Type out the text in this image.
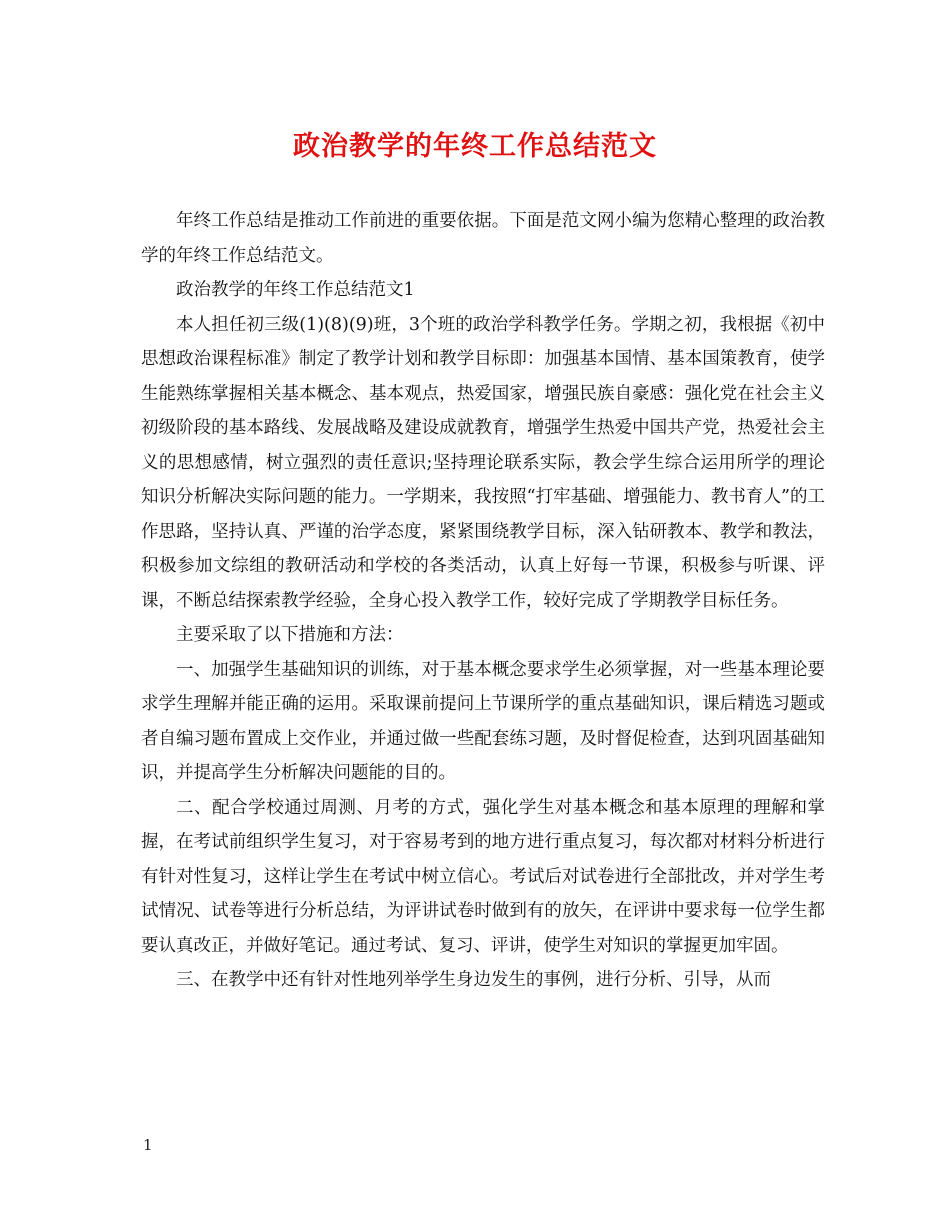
政治教学的年终工作总结范文

年终工作总结是推动工作前进的重要依据。下面是范文网小编为您精心整理的政治教学的年终工作总结范文。

政治教学的年终工作总结范文1

本人担任初三级(1)(8)(9)班，3个班的政治学科教学任务。学期之初，我根据《初中思想政治课程标准》制定了教学计划和教学目标即：加强基本国情、基本国策教育，使学生能熟练掌握相关基本概念、基本观点，热爱国家，增强民族自豪感：强化党在社会主义初级阶段的基本路线、发展战略及建设成就教育，增强学生热爱中国共产党，热爱社会主义的思想感情，树立强烈的责任意识;坚持理论联系实际，教会学生综合运用所学的理论知识分析解决实际问题的能力。一学期来，我按照“打牢基础、增强能力、教书育人”的工作思路，坚持认真、严谨的治学态度，紧紧围绕教学目标，深入钻研教本、教学和教法，积极参加文综组的教研活动和学校的各类活动，认真上好每一节课，积极参与听课、评课，不断总结探索教学经验，全身心投入教学工作，较好完成了学期教学目标任务。

主要采取了以下措施和方法：

一、加强学生基础知识的训练，对于基本概念要求学生必须掌握，对一些基本理论要求学生理解并能正确的运用。采取课前提问上节课所学的重点基础知识，课后精选习题或者自编习题布置成上交作业，并通过做一些配套练习题，及时督促检查，达到巩固基础知识，并提高学生分析解决问题能的目的。

二、配合学校通过周测、月考的方式，强化学生对基本概念和基本原理的理解和掌握，在考试前组织学生复习，对于容易考到的地方进行重点复习，每次都对材料分析进行有针对性复习，这样让学生在考试中树立信心。考试后对试卷进行全部批改，并对学生考试情况、试卷等进行分析总结，为评讲试卷时做到有的放矢，在评讲中要求每一位学生都要认真改正，并做好笔记。通过考试、复习、评讲，使学生对知识的掌握更加牢固。

三、在教学中还有针对性地列举学生身边发生的事例，进行分析、引导，从而

1
